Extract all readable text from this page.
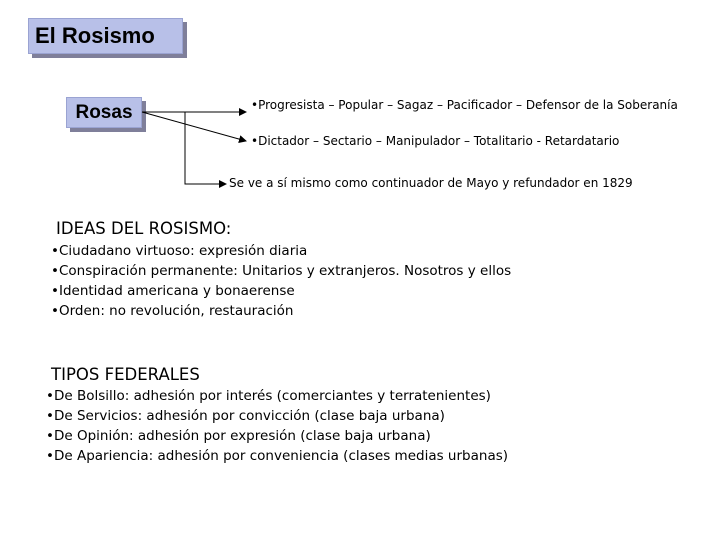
El Rosismo
Rosas	•Progresista – Popular – Sagaz – Pacificador – Defensor de la Soberanía
•Dictador – Sectario – Manipulador – Totalitario - Retardatario
Se ve a sí mismo como continuador de Mayo y refundador en 1829
IDEAS DEL ROSISMO:
•Ciudadano virtuoso: expresión diaria
•Conspiración permanente: Unitarios y extranjeros. Nosotros y ellos
•Identidad americana y bonaerense
•Orden: no revolución, restauración
TIPOS FEDERALES
•De Bolsillo: adhesión por interés (comerciantes y terratenientes)
•De Servicios: adhesión por convicción (clase baja urbana)
•De Opinión: adhesión por expresión (clase baja urbana)
•De Apariencia: adhesión por conveniencia (clases medias urbanas)
